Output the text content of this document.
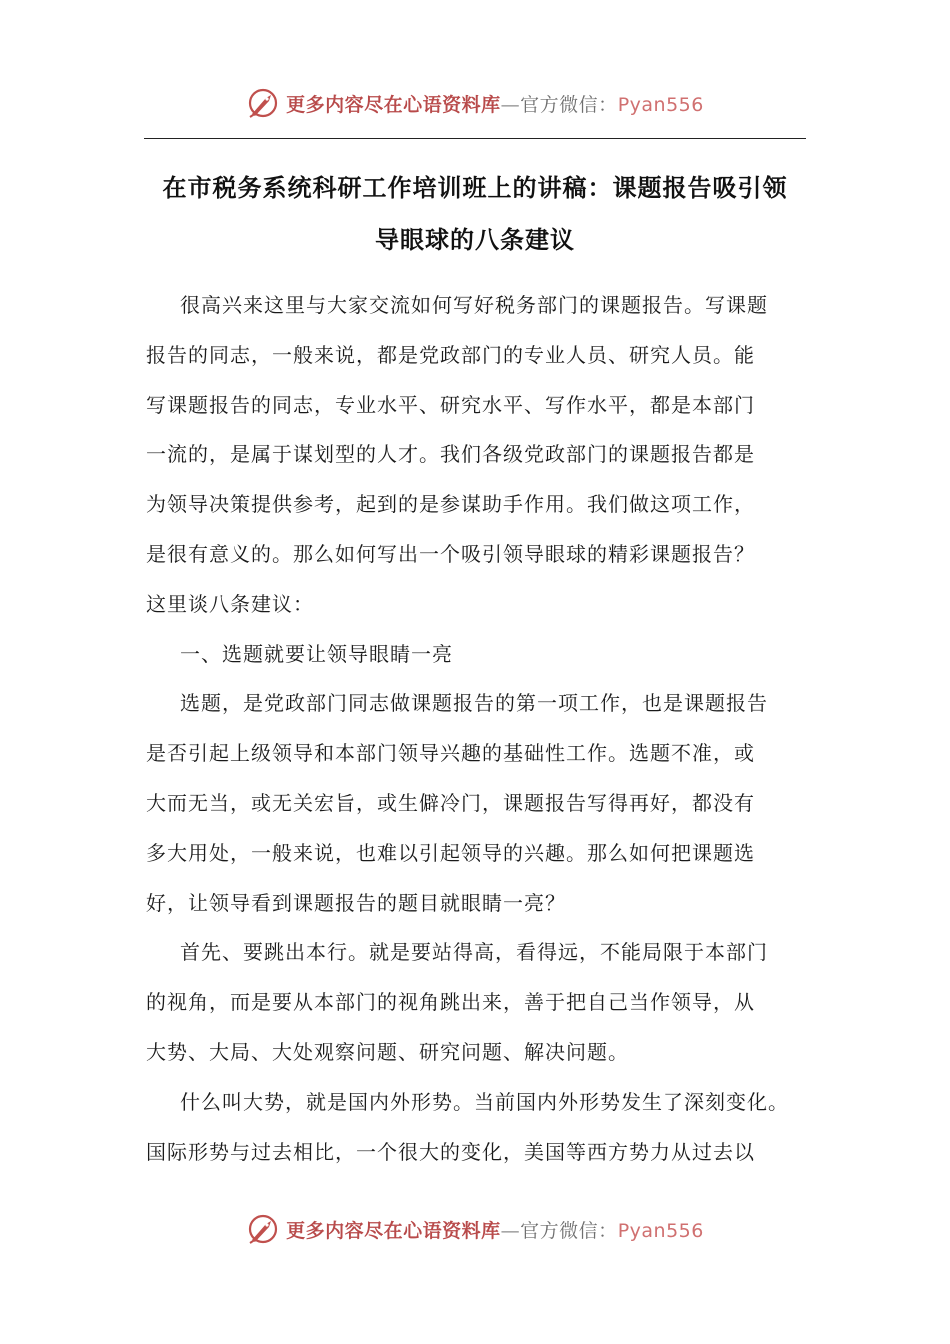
更多内容尽在心语资料库—官方微信：Pyan556
在市税务系统科研工作培训班上的讲稿：课题报告吸引领
导眼球的八条建议
很高兴来这里与大家交流如何写好税务部门的课题报告。写课题
报告的同志，一般来说，都是党政部门的专业人员、研究人员。能
写课题报告的同志，专业水平、研究水平、写作水平，都是本部门
一流的，是属于谋划型的人才。我们各级党政部门的课题报告都是
为领导决策提供参考，起到的是参谋助手作用。我们做这项工作，
是很有意义的。那么如何写出一个吸引领导眼球的精彩课题报告？
这里谈八条建议：
一、选题就要让领导眼睛一亮
选题，是党政部门同志做课题报告的第一项工作，也是课题报告
是否引起上级领导和本部门领导兴趣的基础性工作。选题不准，或
大而无当，或无关宏旨，或生僻冷门，课题报告写得再好，都没有
多大用处，一般来说，也难以引起领导的兴趣。那么如何把课题选
好，让领导看到课题报告的题目就眼睛一亮？
首先、要跳出本行。就是要站得高，看得远，不能局限于本部门
的视角，而是要从本部门的视角跳出来，善于把自己当作领导，从
大势、大局、大处观察问题、研究问题、解决问题。
什么叫大势，就是国内外形势。当前国内外形势发生了深刻变化。
国际形势与过去相比，一个很大的变化，美国等西方势力从过去以
更多内容尽在心语资料库—官方微信：Pyan556
